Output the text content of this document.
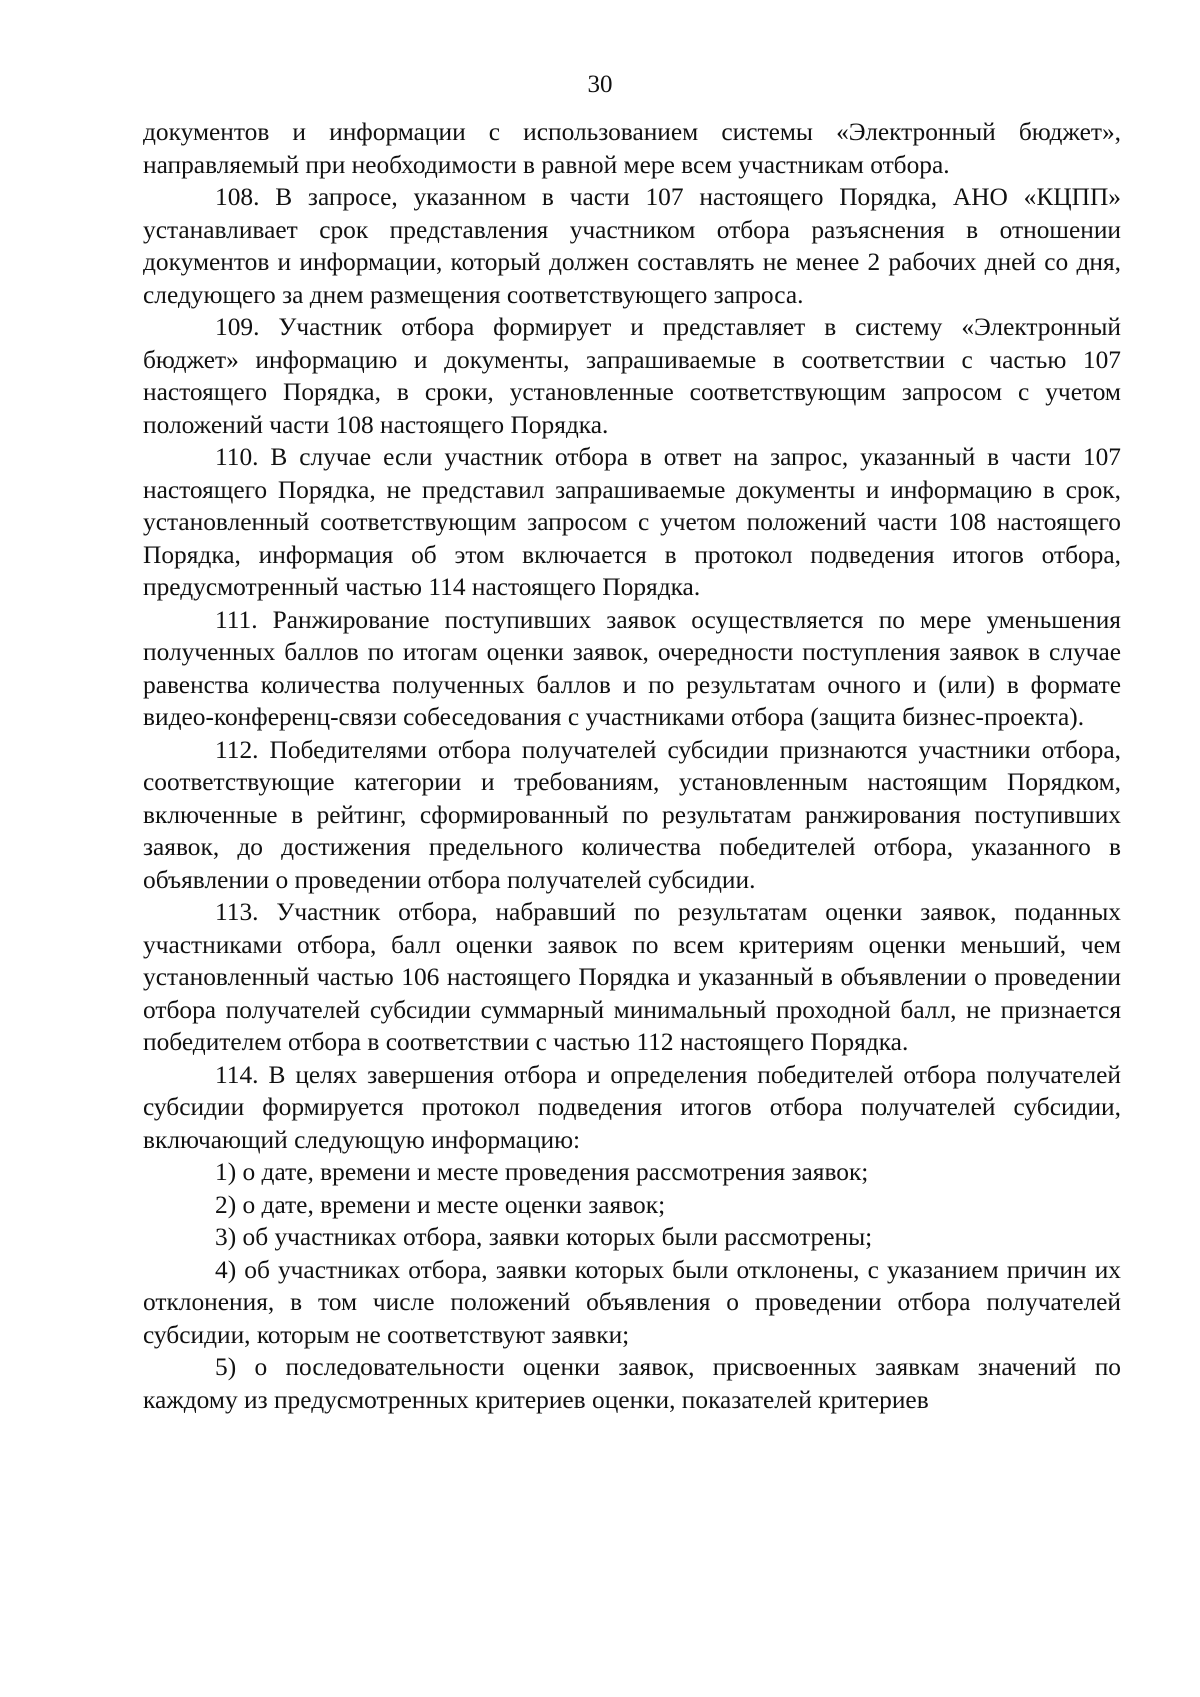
30

документов и информации с использованием системы «Электронный бюджет», направляемый при необходимости в равной мере всем участникам отбора.

108. В запросе, указанном в части 107 настоящего Порядка, АНО «КЦПП» устанавливает срок представления участником отбора разъяснения в отношении документов и информации, который должен составлять не менее 2 рабочих дней со дня, следующего за днем размещения соответствующего запроса.

109. Участник отбора формирует и представляет в систему «Электронный бюджет» информацию и документы, запрашиваемые в соответствии с частью 107 настоящего Порядка, в сроки, установленные соответствующим запросом с учетом положений части 108 настоящего Порядка.

110. В случае если участник отбора в ответ на запрос, указанный в части 107 настоящего Порядка, не представил запрашиваемые документы и информацию в срок, установленный соответствующим запросом с учетом положений части 108 настоящего Порядка, информация об этом включается в протокол подведения итогов отбора, предусмотренный частью 114 настоящего Порядка.

111. Ранжирование поступивших заявок осуществляется по мере уменьшения полученных баллов по итогам оценки заявок, очередности поступления заявок в случае равенства количества полученных баллов и по результатам очного и (или) в формате видео-конференц-связи собеседования с участниками отбора (защита бизнес-проекта).

112. Победителями отбора получателей субсидии признаются участники отбора, соответствующие категории и требованиям, установленным настоящим Порядком, включенные в рейтинг, сформированный по результатам ранжирования поступивших заявок, до достижения предельного количества победителей отбора, указанного в объявлении о проведении отбора получателей субсидии.

113. Участник отбора, набравший по результатам оценки заявок, поданных участниками отбора, балл оценки заявок по всем критериям оценки меньший, чем установленный частью 106 настоящего Порядка и указанный в объявлении о проведении отбора получателей субсидии суммарный минимальный проходной балл, не признается победителем отбора в соответствии с частью 112 настоящего Порядка.

114. В целях завершения отбора и определения победителей отбора получателей субсидии формируется протокол подведения итогов отбора получателей субсидии, включающий следующую информацию:

1) о дате, времени и месте проведения рассмотрения заявок;

2) о дате, времени и месте оценки заявок;

3) об участниках отбора, заявки которых были рассмотрены;

4) об участниках отбора, заявки которых были отклонены, с указанием причин их отклонения, в том числе положений объявления о проведении отбора получателей субсидии, которым не соответствуют заявки;

5) о последовательности оценки заявок, присвоенных заявкам значений по каждому из предусмотренных критериев оценки, показателей критериев
